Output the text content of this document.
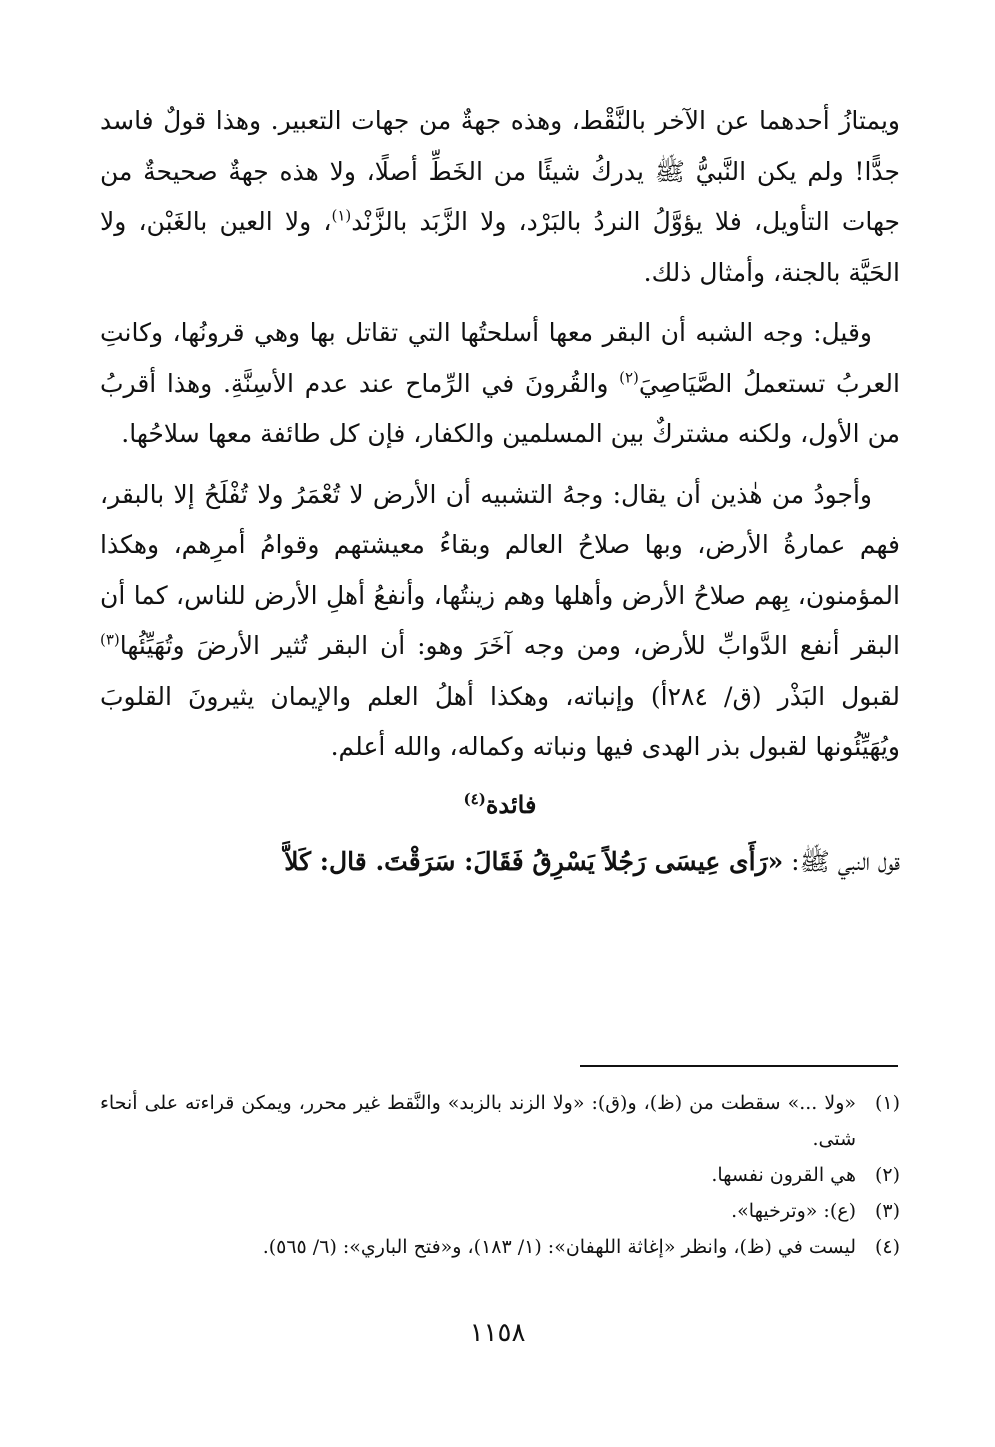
ويمتازُ أحدهما عن الآخر بالنَّقْط، وهذه جهةٌ من جهات التعبير. وهذا قولٌ فاسد جدًّا! ولم يكن النَّبيُّ ﷺ يدركُ شيئًا من الخَطِّ أصلًا، ولا هذه جهةٌ صحيحةٌ من جهات التأويل، فلا يؤوَّلُ النردُ بالبَرْد، ولا الزَّبَد بالزَّنْد$^{(١)}$، ولا العين بالغَبْن، ولا الحَيَّة بالجنة، وأمثال ذلك.

وقيل: وجه الشبه أن البقر معها أسلحتُها التي تقاتل بها وهي قرونُها، وكانتِ العربُ تستعملُ الصَّيَاصِيَ$^{(٢)}$ والقُرونَ في الرِّماح عند عدم الأسِنَّةِ. وهذا أقربُ من الأول، ولكنه مشتركٌ بين المسلمين والكفار، فإن كل طائفة معها سلاحُها.

وأجودُ من هٰذين أن يقال: وجهُ التشبيه أن الأرض لا تُعْمَرُ ولا تُفْلَحُ إلا بالبقر، فهم عمارةُ الأرض، وبها صلاحُ العالم وبقاءُ معيشتهم وقوامُ أمرِهم، وهكذا المؤمنون، بِهم صلاحُ الأرض وأهلها وهم زينتُها، وأنفعُ أهلِ الأرض للناس، كما أن البقر أنفع الدَّوابِّ للأرض، ومن وجه آخَرَ وهو: أن البقر تُثير الأرضَ وتُهَيِّئُها$^{(٣)}$ لقبول البَذْر (ق/ ٢٨٤أ) وإنباته، وهكذا أهلُ العلم والإيمان يثيرونَ القلوبَ ويُهَيِّئُونها لقبول بذر الهدى فيها ونباته وكماله، والله أعلم.

فائدة$^{(٤)}$

قول النبي ﷺ: «رَأَى عِيسَى رَجُلاً يَسْرِقُ فَقَالَ: سَرَقْتَ. قال: كَلاَّ

(١)
«ولا ...» سقطت من (ظ)، و(ق): «ولا الزند بالزبد» والنَّقط غير محرر، ويمكن قراءته على أنحاء شتى.
(٢)
هي القرون نفسها.
(٣)
(ع): «وترخيها».
(٤)
ليست في (ظ)، وانظر «إغاثة اللهفان»: (١/ ١٨٣)، و«فتح الباري»: (٦/ ٥٦٥).
١١٥٨
